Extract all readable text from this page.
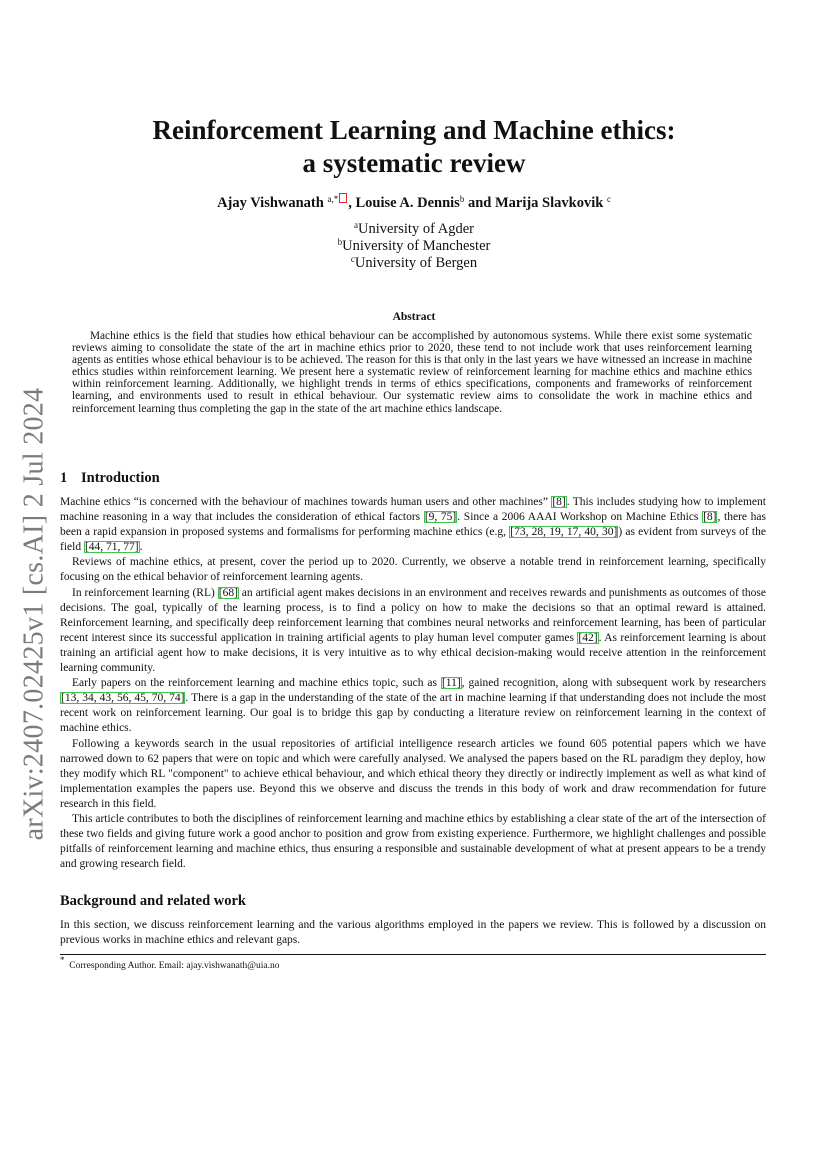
arXiv:2407.02425v1 [cs.AI] 2 Jul 2024
Reinforcement Learning and Machine ethics:
a systematic review
Ajay Vishwanath $^{a,*}$ , Louise A. Dennis$^b$ and Marija Slavkovik $^c$
$^a$University of Agder
$^b$University of Manchester
$^c$University of Bergen
Abstract

Machine ethics is the field that studies how ethical behaviour can be accomplished by autonomous systems. While there exist some systematic reviews aiming to consolidate the state of the art in machine ethics prior to 2020, these tend to not include work that uses reinforcement learning agents as entities whose ethical behaviour is to be achieved. The reason for this is that only in the last years we have witnessed an increase in machine ethics studies within reinforcement learning. We present here a systematic review of reinforcement learning for machine ethics and machine ethics within reinforcement learning. Additionally, we highlight trends in terms of ethics specifications, components and frameworks of reinforcement learning, and environments used to result in ethical behaviour. Our systematic review aims to consolidate the work in machine ethics and reinforcement learning thus completing the gap in the state of the art machine ethics landscape.

1 Introduction

Machine ethics “is concerned with the behaviour of machines towards human users and other machines” [8]. This includes studying how to implement machine reasoning in a way that includes the consideration of ethical factors [9, 75]. Since a 2006 AAAI Workshop on Machine Ethics [8], there has been a rapid expansion in proposed systems and formalisms for performing machine ethics (e.g, [73, 28, 19, 17, 40, 30]) as evident from surveys of the field [44, 71, 77].

Reviews of machine ethics, at present, cover the period up to 2020. Currently, we observe a notable trend in reinforcement learning, specifically focusing on the ethical behavior of reinforcement learning agents.

In reinforcement learning (RL) [68] an artificial agent makes decisions in an environment and receives rewards and punishments as outcomes of those decisions. The goal, typically of the learning process, is to find a policy on how to make the decisions so that an optimal reward is attained. Reinforcement learning, and specifically deep reinforcement learning that combines neural networks and reinforcement learning, has been of particular recent interest since its successful application in training artificial agents to play human level computer games [42]. As reinforcement learning is about training an artificial agent how to make decisions, it is very intuitive as to why ethical decision-making would receive attention in the reinforcement learning community.

Early papers on the reinforcement learning and machine ethics topic, such as [11], gained recognition, along with subsequent work by researchers [13, 34, 43, 56, 45, 70, 74]. There is a gap in the understanding of the state of the art in machine learning if that understanding does not include the most recent work on reinforcement learning. Our goal is to bridge this gap by conducting a literature review on reinforcement learning in the context of machine ethics.

Following a keywords search in the usual repositories of artificial intelligence research articles we found 605 potential papers which we have narrowed down to 62 papers that were on topic and which were carefully analysed. We analysed the papers based on the RL paradigm they deploy, how they modify which RL "component" to achieve ethical behaviour, and which ethical theory they directly or indirectly implement as well as what kind of implementation examples the papers use. Beyond this we observe and discuss the trends in this body of work and draw recommendation for future research in this field.

This article contributes to both the disciplines of reinforcement learning and machine ethics by establishing a clear state of the art of the intersection of these two fields and giving future work a good anchor to position and grow from existing experience. Furthermore, we highlight challenges and possible pitfalls of reinforcement learning and machine ethics, thus ensuring a responsible and sustainable development of what at present appears to be a trendy and growing research field.

Background and related work

In this section, we discuss reinforcement learning and the various algorithms employed in the papers we review. This is followed by a discussion on previous works in machine ethics and relevant gaps.

*  Corresponding Author. Email: ajay.vishwanath@uia.no
